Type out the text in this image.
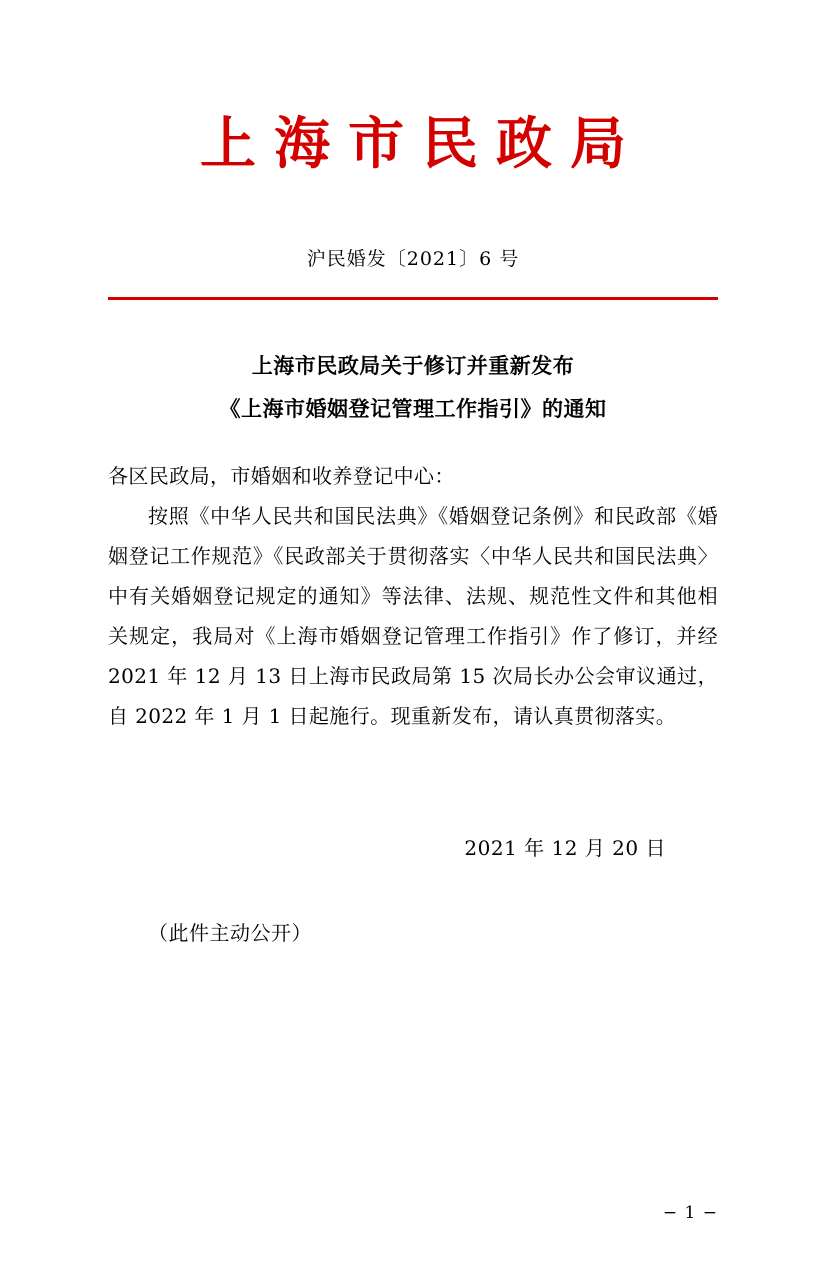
上海市民政局
沪民婚发〔2021〕6 号
上海市民政局关于修订并重新发布
《上海市婚姻登记管理工作指引》的通知

各区民政局，市婚姻和收养登记中心：

按照《中华人民共和国民法典》《婚姻登记条例》和民政部《婚姻登记工作规范》《民政部关于贯彻落实〈中华人民共和国民法典〉中有关婚姻登记规定的通知》等法律、法规、规范性文件和其他相关规定，我局对《上海市婚姻登记管理工作指引》作了修订，并经 2021 年 12 月 13 日上海市民政局第 15 次局长办公会审议通过，自 2022 年 1 月 1 日起施行。现重新发布，请认真贯彻落实。

2021 年 12 月 20 日
（此件主动公开）
− 1 −
